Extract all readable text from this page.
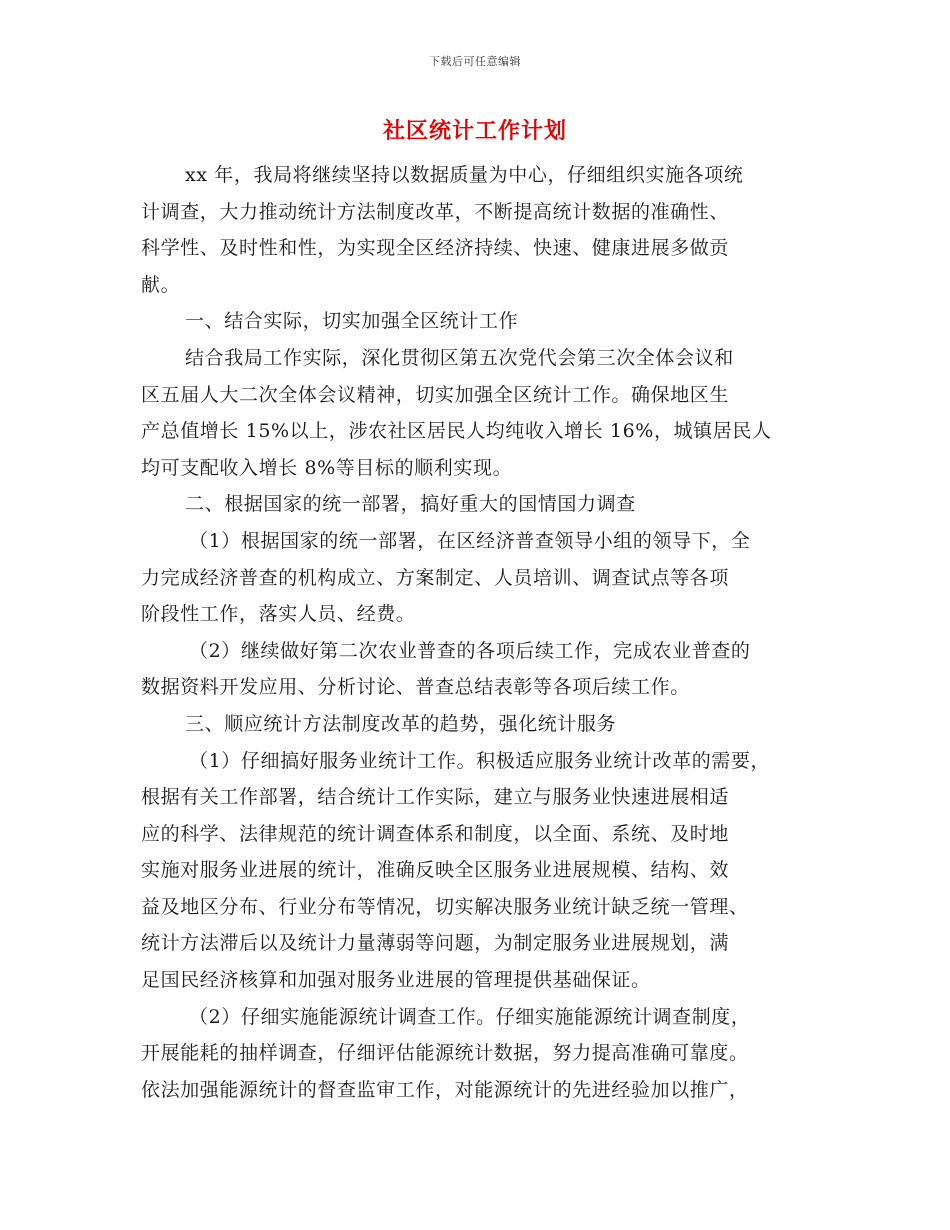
下载后可任意编辑
社区统计工作计划
xx 年，我局将继续坚持以数据质量为中心，仔细组织实施各项统
计调查，大力推动统计方法制度改革，不断提高统计数据的准确性、
科学性、及时性和性，为实现全区经济持续、快速、健康进展多做贡
献。
一、结合实际，切实加强全区统计工作
结合我局工作实际，深化贯彻区第五次党代会第三次全体会议和
区五届人大二次全体会议精神，切实加强全区统计工作。确保地区生
产总值增长 15%以上，涉农社区居民人均纯收入增长 16%，城镇居民人
均可支配收入增长 8%等目标的顺利实现。
二、根据国家的统一部署，搞好重大的国情国力调查
（1）根据国家的统一部署，在区经济普查领导小组的领导下，全
力完成经济普查的机构成立、方案制定、人员培训、调查试点等各项
阶段性工作，落实人员、经费。
（2）继续做好第二次农业普查的各项后续工作，完成农业普查的
数据资料开发应用、分析讨论、普查总结表彰等各项后续工作。
三、顺应统计方法制度改革的趋势，强化统计服务
（1）仔细搞好服务业统计工作。积极适应服务业统计改革的需要，
根据有关工作部署，结合统计工作实际，建立与服务业快速进展相适
应的科学、法律规范的统计调查体系和制度，以全面、系统、及时地
实施对服务业进展的统计，准确反映全区服务业进展规模、结构、效
益及地区分布、行业分布等情况，切实解决服务业统计缺乏统一管理、
统计方法滞后以及统计力量薄弱等问题，为制定服务业进展规划，满
足国民经济核算和加强对服务业进展的管理提供基础保证。
（2）仔细实施能源统计调查工作。仔细实施能源统计调查制度，
开展能耗的抽样调查，仔细评估能源统计数据，努力提高准确可靠度。
依法加强能源统计的督查监审工作，对能源统计的先进经验加以推广，
